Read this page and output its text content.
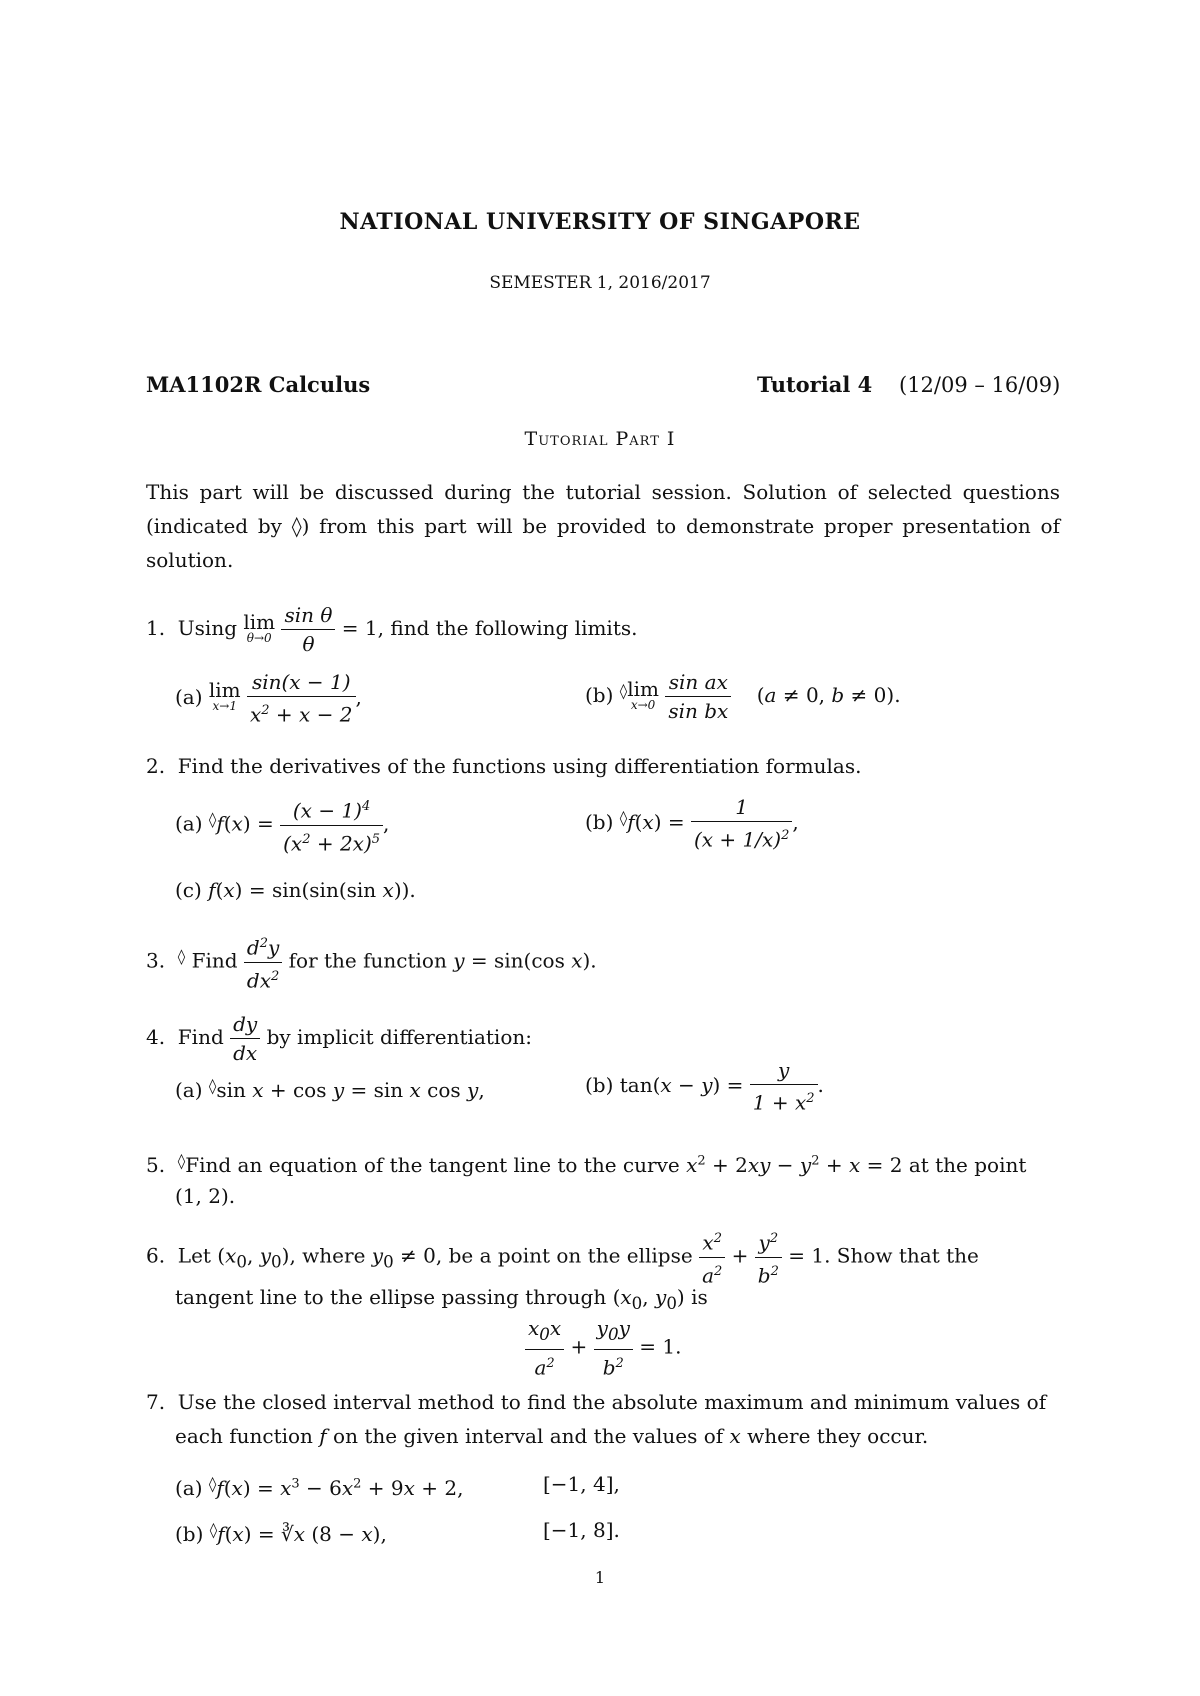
NATIONAL UNIVERSITY OF SINGAPORE
SEMESTER 1, 2016/2017
MA1102R Calculus	Tutorial 4 (12/09 – 16/09)
Tutorial Part I
This part will be discussed during the tutorial session. Solution of selected questions (indicated by ◊) from this part will be provided to demonstrate proper presentation of solution.
1.  Using lim
θ→0
$\frac{\text{sin θ}}{\theta} = 1$, find the following limits.
(a) lim
x→1
$\frac{\sin(x - 1)}{x^2 + x - 2}$ ,	(b) ◊lim
x→0
$\frac{\text{sin ax}}{\text{sin bx}} (a \ne 0$, b ≠ 0).
2.  Find the derivatives of the functions using differentiation formulas.
(a) $^◊f(x) = \frac{(x - 1)^4}{(x^2 + 2x)^5}$ ,	(b) $^◊f(x) = \frac{1}{(x + 1/x)^2}$ ,
(c) f(x) = sin(sin(sin x)).
3.  ◊ Find $\frac{d^2y}{dx^2}$ for the function y = sin(cos x).
4.  Find $\frac{dy}{dx}$ by implicit differentiation:
(a) ◊sin x + cos y = sin x cos y,	(b) $\tan(x - y) = \frac{y}{1 + x^2}$ .
5.  ◊Find an equation of the tangent line to the curve $x^2 + 2xy - y^2 + x = 2$ at the point
(1, 2).
6.  Let ($x_0$, $y_0$), where $y_0 \ne 0$, be a point on the ellipse $\frac{x^2}{a^2} + \frac{y^2}{b^2} = 1$. Show that the
tangent line to the ellipse passing through ($x_0$, $y_0$) is
$\frac{x_0x}{a^2} + \frac{y_0y}{b^2} = 1$.
7.  Use the closed interval method to find the absolute maximum and minimum values of
each function f on the given interval and the values of x where they occur.
(a) $^◊f(x) = x^3 - 6x^2 + 9x + 2$,	[−1, 4],
(b) ◊f(x) = ∛x (8 − x),	[−1, 8].
1
